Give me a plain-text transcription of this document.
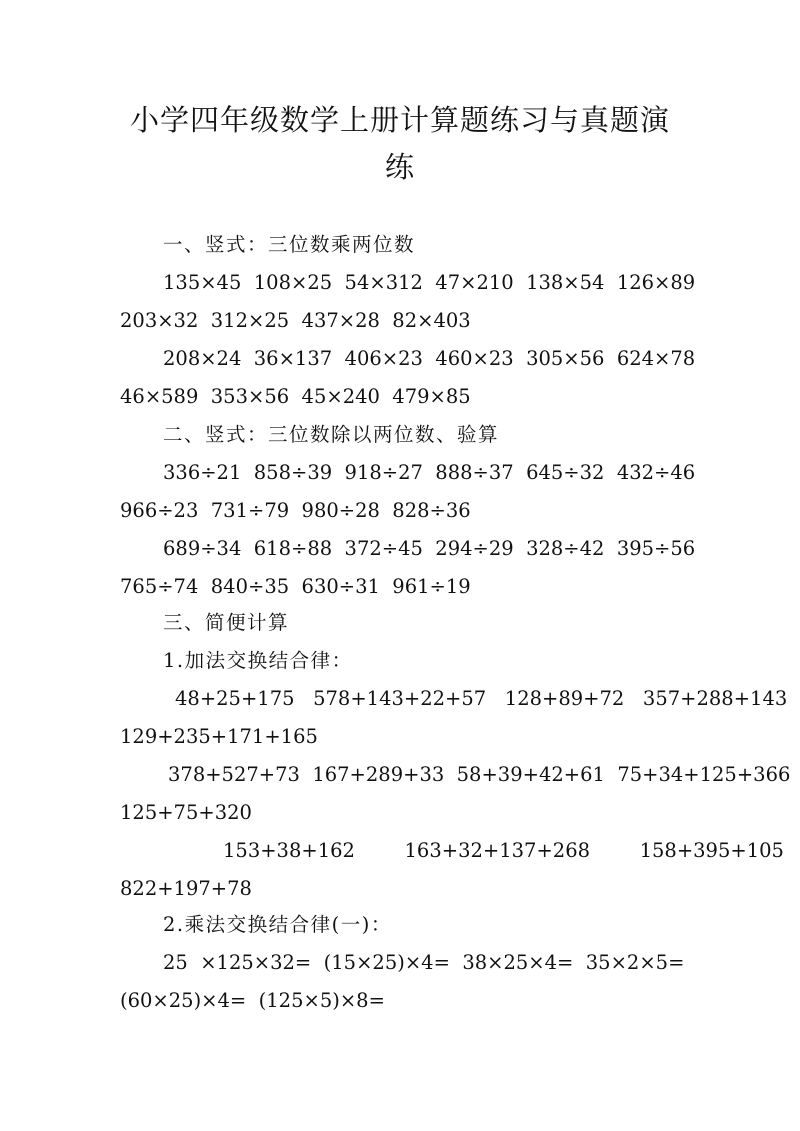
小学四年级数学上册计算题练习与真题演
练
一、竖式：三位数乘两位数
135×45  108×25  54×312  47×210  138×54  126×89
203×32  312×25  437×28  82×403
208×24  36×137  406×23  460×23  305×56  624×78
46×589  353×56  45×240  479×85
二、竖式：三位数除以两位数、验算
336÷21  858÷39  918÷27  888÷37  645÷32  432÷46
966÷23  731÷79  980÷28  828÷36
689÷34  618÷88  372÷45  294÷29  328÷42  395÷56
765÷74  840÷35  630÷31  961÷19
三、简便计算
1.加法交换结合律：
48+25+175   578+143+22+57   128+89+72   357+288+143
129+235+171+165
378+527+73  167+289+33  58+39+42+61  75+34+125+366
125+75+320
153+38+162        163+32+137+268        158+395+105
822+197+78
2.乘法交换结合律(一)：
25  ×125×32=  (15×25)×4=  38×25×4=  35×2×5=
(60×25)×4=  (125×5)×8=
